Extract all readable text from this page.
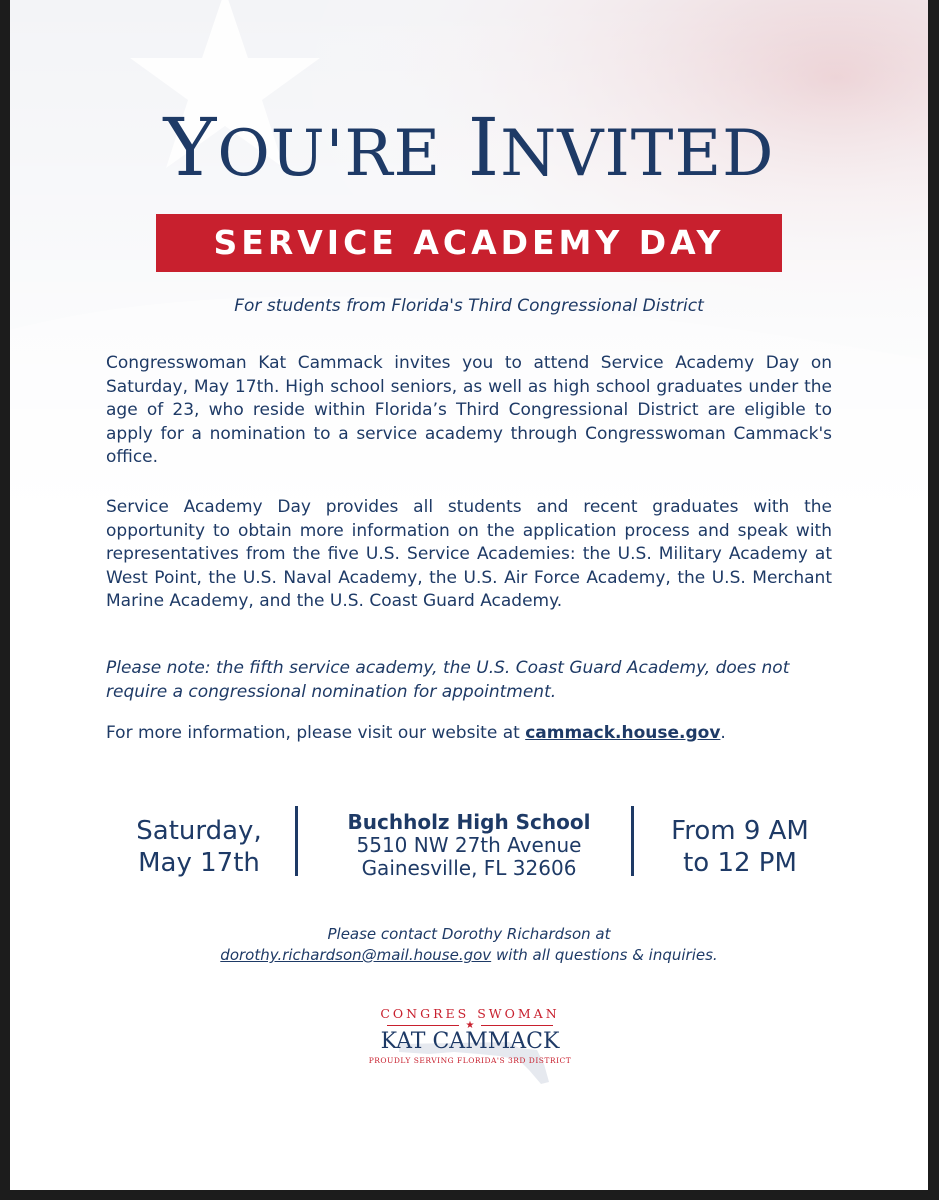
YOU'RE INVITED
SERVICE ACADEMY DAY
For students from Florida's Third Congressional District

Congresswoman Kat Cammack invites you to attend Service Academy Day on Saturday, May 17th. High school seniors, as well as high school graduates under the age of 23, who reside within Florida’s Third Congressional District are eligible to apply for a nomination to a service academy through Congresswoman Cammack's office.

Service Academy Day provides all students and recent graduates with the opportunity to obtain more information on the application process and speak with representatives from the five U.S. Service Academies: the U.S. Military Academy at West Point, the U.S. Naval Academy, the U.S. Air Force Academy, the U.S. Merchant Marine Academy, and the U.S. Coast Guard Academy.

Please note: the fifth service academy, the U.S. Coast Guard Academy, does not require a congressional nomination for appointment.

For more information, please visit our website at cammack.house.gov.

Saturday,
May 17th
Buchholz High School
5510 NW 27th Avenue
Gainesville, FL 32606
From 9 AM
to 12 PM
Please contact Dorothy Richardson at
dorothy.richardson@mail.house.gov with all questions & inquiries.
CONGRES SWOMAN
★
KAT CAMMACK
PROUDLY SERVING FLORIDA'S 3RD DISTRICT
